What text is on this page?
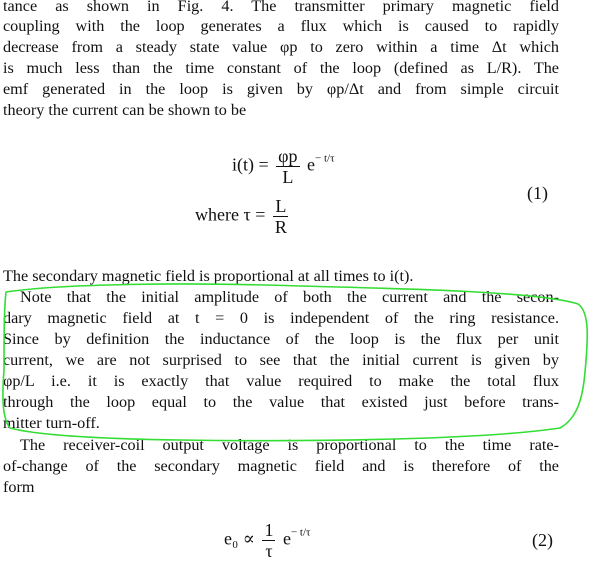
tance as shown in Fig. 4. The transmitter primary magnetic field
coupling with the loop generates a flux which is caused to rapidly
decrease from a steady state value φp to zero within a time Δt which
is much less than the time constant of the loop (defined as L/R). The
emf generated in the loop is given by φp/Δt and from simple circuit
theory the current can be shown to be
$i(t) = \frac{\varphi p}{L} e^{- t/\tau}$
where $\tau = \frac{L}{R}$
(1)
The secondary magnetic field is proportional at all times to i(t).
Note that the initial amplitude of both the current and the secon-
dary magnetic field at t = 0 is independent of the ring resistance.
Since by definition the inductance of the loop is the flux per unit
current, we are not surprised to see that the initial current is given by
φp/L i.e. it is exactly that value required to make the total flux
through the loop equal to the value that existed just before trans-
mitter turn-off.
The receiver-coil output voltage is proportional to the time rate-
of-change of the secondary magnetic field and is therefore of the
form
$e_0 \propto \frac{1}{\tau} e^{- t/\tau}$	(2)
